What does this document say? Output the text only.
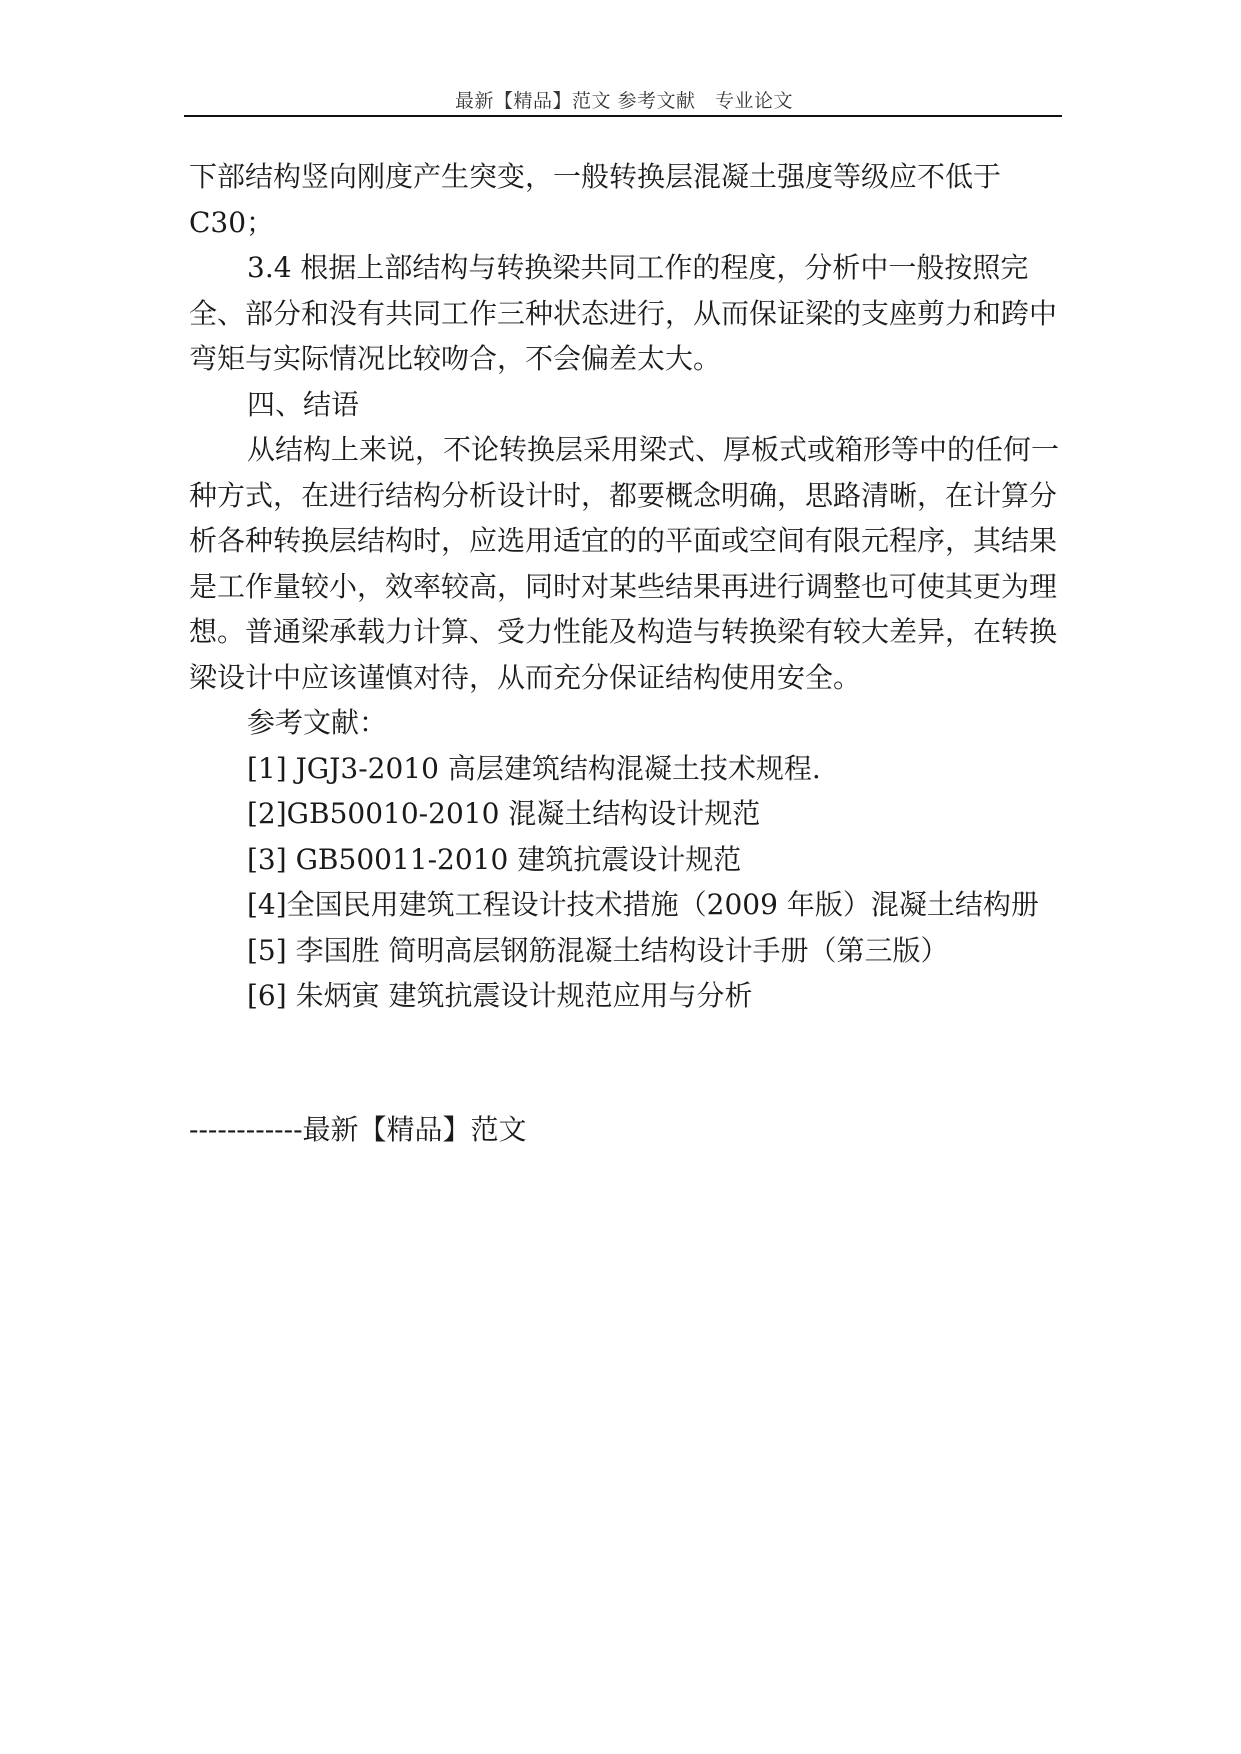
最新【精品】范文 参考文献　专业论文

下部结构竖向刚度产生突变，一般转换层混凝土强度等级应不低于C30；

3.4 根据上部结构与转换梁共同工作的程度，分析中一般按照完全、部分和没有共同工作三种状态进行，从而保证梁的支座剪力和跨中弯矩与实际情况比较吻合，不会偏差太大。

四、结语

从结构上来说，不论转换层采用梁式、厚板式或箱形等中的任何一种方式，在进行结构分析设计时，都要概念明确，思路清晰，在计算分析各种转换层结构时，应选用适宜的的平面或空间有限元程序，其结果是工作量较小，效率较高，同时对某些结果再进行调整也可使其更为理想。普通梁承载力计算、受力性能及构造与转换梁有较大差异，在转换梁设计中应该谨慎对待，从而充分保证结构使用安全。

参考文献：

[1] JGJ3-2010 高层建筑结构混凝土技术规程.

[2]GB50010-2010 混凝土结构设计规范

[3] GB50011-2010 建筑抗震设计规范

[4]全国民用建筑工程设计技术措施（2009 年版）混凝土结构册

[5] 李国胜 简明高层钢筋混凝土结构设计手册（第三版）

[6] 朱炳寅 建筑抗震设计规范应用与分析

------------最新【精品】范文
